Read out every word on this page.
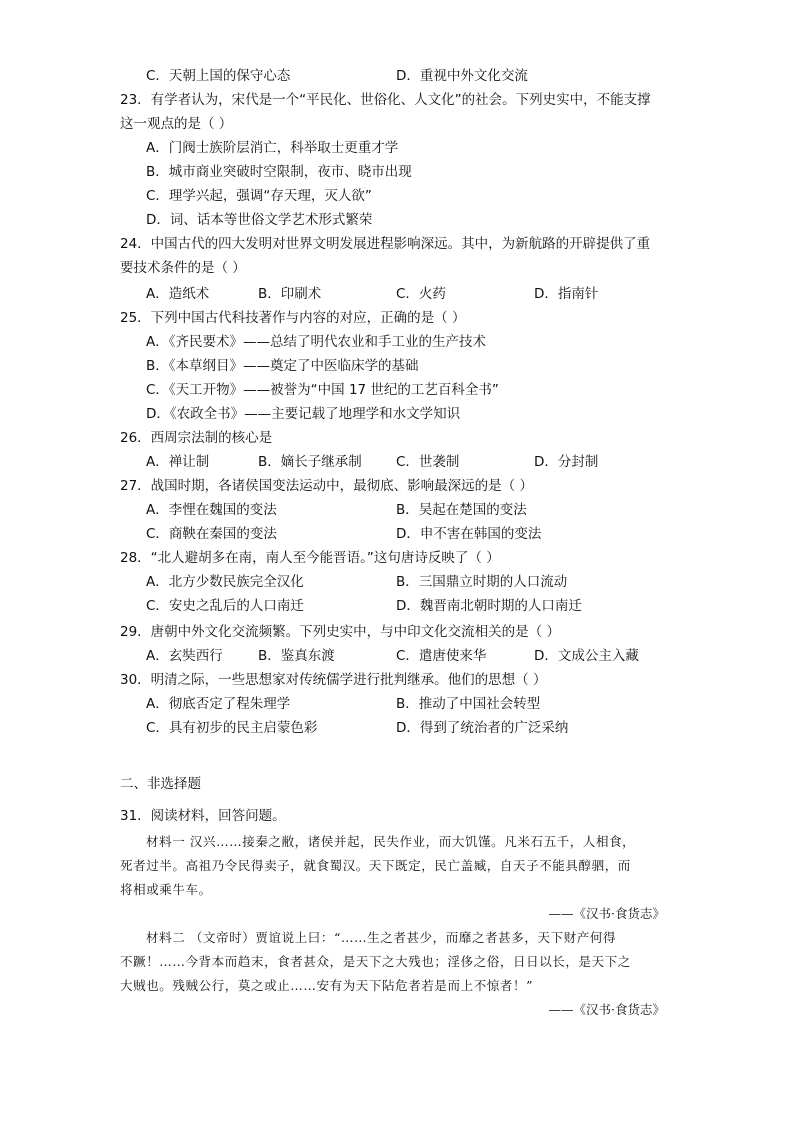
C．天朝上国的保守心态	D．重视中外文化交流
23．有学者认为，宋代是一个“平民化、世俗化、人文化”的社会。下列史实中，不能支撑
这一观点的是（ ）
A．门阀士族阶层消亡，科举取士更重才学
B．城市商业突破时空限制，夜市、晓市出现
C．理学兴起，强调“存天理，灭人欲”
D．词、话本等世俗文学艺术形式繁荣
24．中国古代的四大发明对世界文明发展进程影响深远。其中，为新航路的开辟提供了重
要技术条件的是（ ）
A．造纸术	B．印刷术	C．火药	D．指南针
25．下列中国古代科技著作与内容的对应，正确的是（ ）
A．《齐民要术》——总结了明代农业和手工业的生产技术
B．《本草纲目》——奠定了中医临床学的基础
C．《天工开物》——被誉为“中国 17 世纪的工艺百科全书”
D．《农政全书》——主要记载了地理学和水文学知识
26．西周宗法制的核心是
A．禅让制	B．嫡长子继承制	C．世袭制	D．分封制
27．战国时期，各诸侯国变法运动中，最彻底、影响最深远的是（ ）
A．李悝在魏国的变法	B．吴起在楚国的变法
C．商鞅在秦国的变法	D．申不害在韩国的变法
28．“北人避胡多在南，南人至今能晋语。”这句唐诗反映了（ ）
A．北方少数民族完全汉化	B．三国鼎立时期的人口流动
C．安史之乱后的人口南迁	D．魏晋南北朝时期的人口南迁
29．唐朝中外文化交流频繁。下列史实中，与中印文化交流相关的是（ ）
A．玄奘西行	B．鉴真东渡	C．遣唐使来华	D．文成公主入藏
30．明清之际，一些思想家对传统儒学进行批判继承。他们的思想（ ）
A．彻底否定了程朱理学	B．推动了中国社会转型
C．具有初步的民主启蒙色彩	D．得到了统治者的广泛采纳
二、非选择题
31．阅读材料，回答问题。
材料一 汉兴……接秦之敝，诸侯并起，民失作业，而大饥馑。凡米石五千，人相食，
死者过半。高祖乃令民得卖子，就食蜀汉。天下既定，民亡盖臧，自天子不能具醇驷，而
将相或乘牛车。
——《汉书·食货志》
材料二 （文帝时）贾谊说上曰：“……生之者甚少，而靡之者甚多，天下财产何得
不蹶！……今背本而趋末，食者甚众，是天下之大残也；淫侈之俗，日日以长，是天下之
大贼也。残贼公行，莫之或止……安有为天下阽危者若是而上不惊者！”
——《汉书·食货志》
